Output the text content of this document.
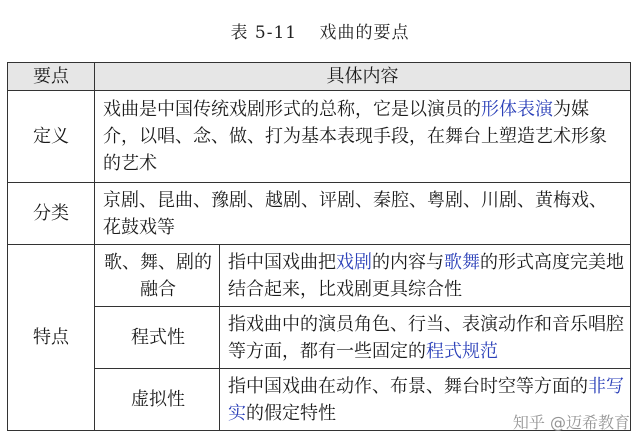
表 5-11 戏曲的要点
要点	具体内容	
定义	戏曲是中国传统戏剧形式的总称，它是以演员的形体表演为媒介，以唱、念、做、打为基本表现手段，在舞台上塑造艺术形象的艺术	
分类	京剧、昆曲、豫剧、越剧、评剧、秦腔、粤剧、川剧、黄梅戏、花鼓戏等	
特点	歌、舞、剧的融合	指中国戏曲把戏剧的内容与歌舞的形式高度完美地结合起来，比戏剧更具综合性
	程式性	指戏曲中的演员角色、行当、表演动作和音乐唱腔等方面，都有一些固定的程式规范
	虚拟性	指中国戏曲在动作、布景、舞台时空等方面的非写实的假定特性	知乎 @迈希教育
